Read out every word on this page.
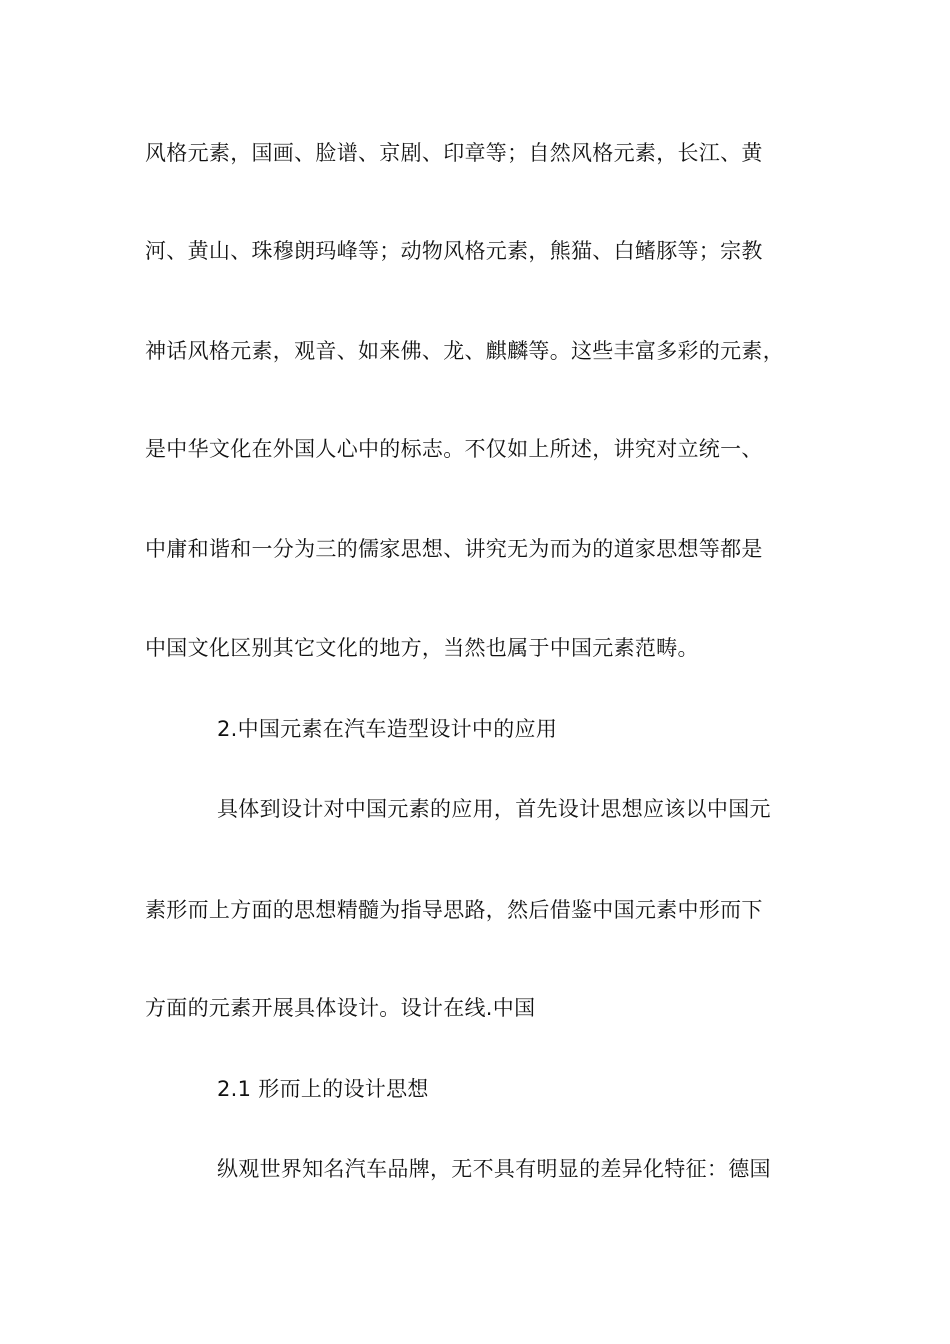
风格元素，国画、脸谱、京剧、印章等；自然风格元素，长江、黄
河、黄山、珠穆朗玛峰等；动物风格元素，熊猫、白鳍豚等；宗教
神话风格元素，观音、如来佛、龙、麒麟等。这些丰富多彩的元素，
是中华文化在外国人心中的标志。不仅如上所述，讲究对立统一、
中庸和谐和一分为三的儒家思想、讲究无为而为的道家思想等都是
中国文化区别其它文化的地方，当然也属于中国元素范畴。
2.中国元素在汽车造型设计中的应用
具体到设计对中国元素的应用，首先设计思想应该以中国元
素形而上方面的思想精髓为指导思路，然后借鉴中国元素中形而下
方面的元素开展具体设计。设计在线.中国
2.1 形而上的设计思想
纵观世界知名汽车品牌，无不具有明显的差异化特征：德国
